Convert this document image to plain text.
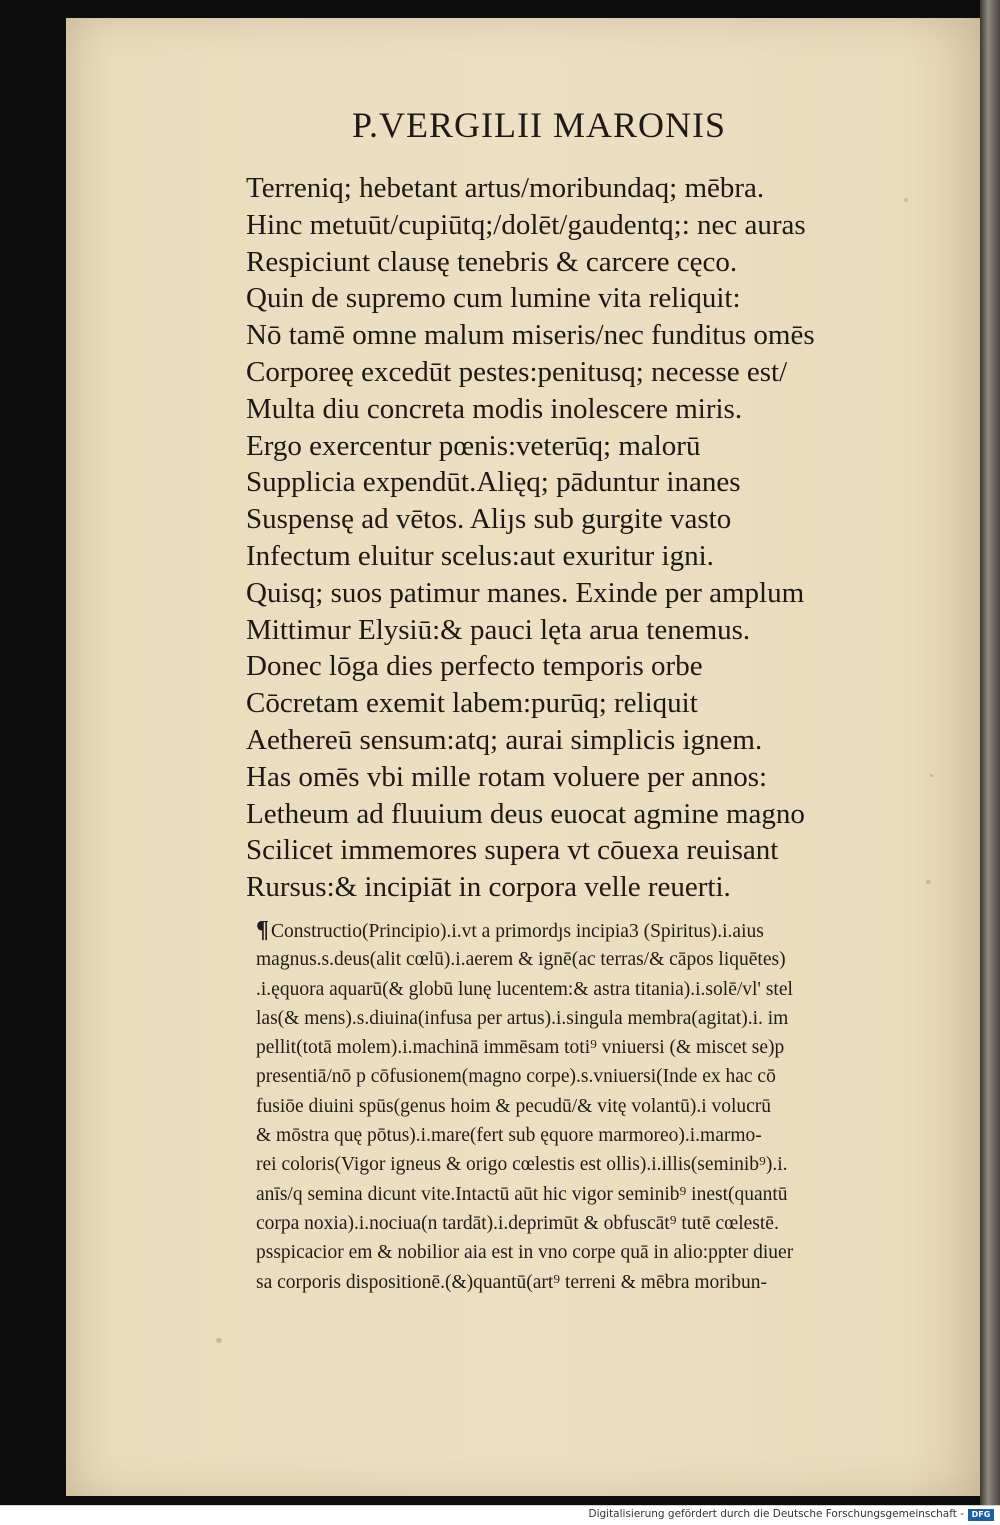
P.VERGILII MARONIS
Terreniq; hebetant artus/moribundaq; mēbra.
Hinc metuūt/cupiūtq;/dolēt/gaudentq;: nec auras
Respiciunt clausę tenebris & carcere cęco.
Quin de supremo cum lumine vita reliquit:
Nō tamē omne malum miseris/nec funditus omēs
Corporeę excedūt pestes:penitusq; necesse est/
Multa diu concreta modis inolescere miris.
Ergo exercentur pœnis:veterūq; malorū
Supplicia expendūt.Alięq; pāduntur inanes
Suspensę ad vētos. Aliȷs sub gurgite vasto
Infectum eluitur scelus:aut exuritur igni.
Quisq; suos patimur manes. Exinde per amplum
Mittimur Elysiū:& pauci lęta arua tenemus.
Donec lōga dies perfecto temporis orbe
Cōcretam exemit labem:purūq; reliquit
Aethereū sensum:atq; aurai simplicis ignem.
Has omēs vbi mille rotam voluere per annos:
Letheum ad fluuium deus euocat agmine magno
Scilicet immemores supera vt cōuexa reuisant
Rursus:& incipiāt in corpora velle reuerti.

¶ Constructio(Principio).i.vt a primordȷs incipia3 (Spiritus).i.aius

magnus.s.deus(alit cœlū).i.aerem & ignē(ac terras/& cāpos liquētes)

.i.ęquora aquarū(& globū lunę lucentem:& astra titania).i.solē/vl' stel

las(& mens).s.diuina(infusa per artus).i.singula membra(agitat).i. im

pellit(totā molem).i.machinā immēsam toti⁹ vniuersi (& miscet se)p

presentiā/nō p cōfusionem(magno corpe).s.vniuersi(Inde ex hac cō

fusiōe diuini spūs(genus hoim & pecudū/& vitę volantū).i volucrū

& mōstra quę pōtus).i.mare(fert sub ęquore marmoreo).i.marmo-

rei coloris(Vigor igneus & origo cœlestis est ollis).i.illis(seminib⁹).i.

anīs/q semina dicunt vite.Intactū aūt hic vigor seminib⁹ inest(quantū

corpa noxia).i.nociua(n tardāt).i.deprimūt & obfuscāt⁹ tutē cœlestē.

psspicacior em & nobilior aia est in vno corpe quā in alio:ppter diuer

sa corporis dispositionē.(&)quantū(art⁹ terreni & mēbra moribun-

Digitalisierung gefördert durch die Deutsche Forschungsgemeinschaft - DFG
